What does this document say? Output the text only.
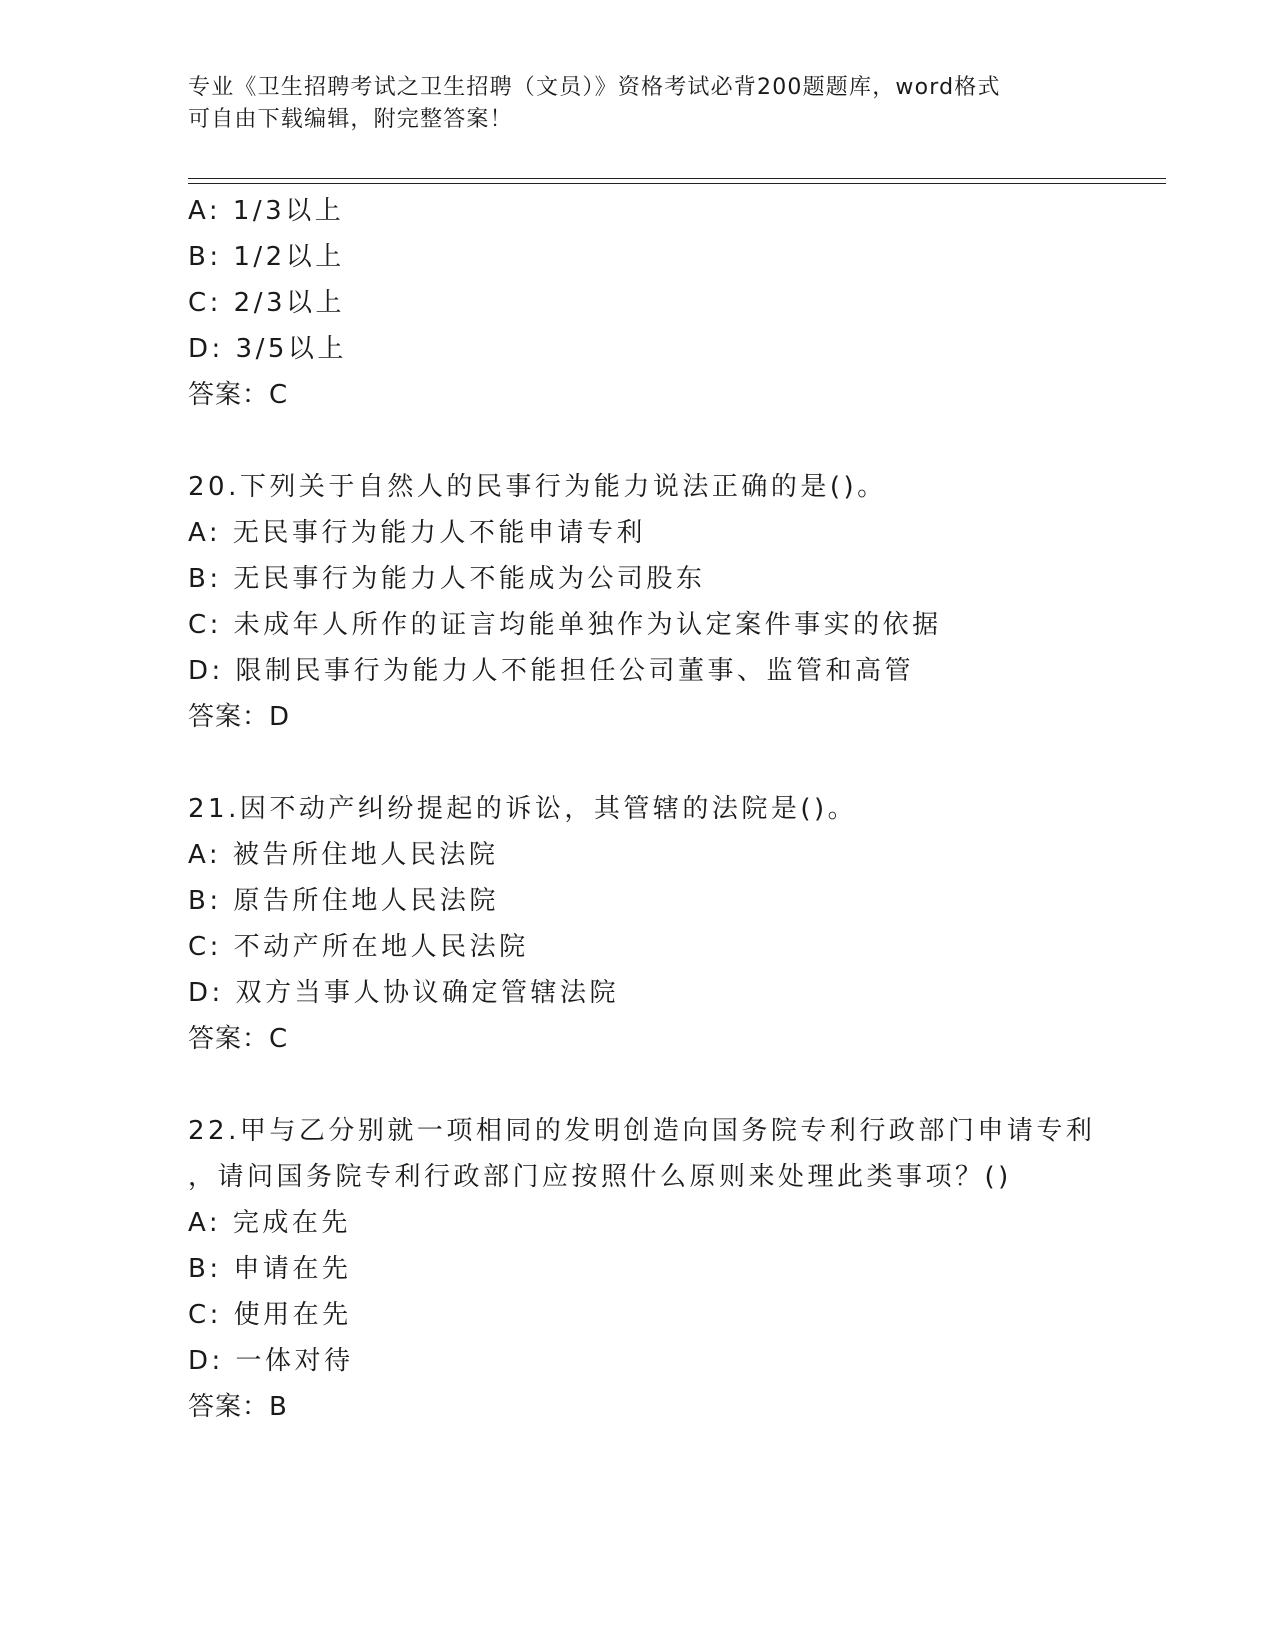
专业《卫生招聘考试之卫生招聘（文员）》资格考试必背200题题库，word格式
可自由下载编辑，附完整答案！
A: 1/3以上
B: 1/2以上
C: 2/3以上
D: 3/5以上
答案：C
20.下列关于自然人的民事行为能力说法正确的是()。
A: 无民事行为能力人不能申请专利
B: 无民事行为能力人不能成为公司股东
C: 未成年人所作的证言均能单独作为认定案件事实的依据
D: 限制民事行为能力人不能担任公司董事、监管和高管
答案：D
21.因不动产纠纷提起的诉讼，其管辖的法院是()。
A: 被告所住地人民法院
B: 原告所住地人民法院
C: 不动产所在地人民法院
D: 双方当事人协议确定管辖法院
答案：C
22.甲与乙分别就一项相同的发明创造向国务院专利行政部门申请专利
，请问国务院专利行政部门应按照什么原则来处理此类事项？()
A: 完成在先
B: 申请在先
C: 使用在先
D: 一体对待
答案：B
